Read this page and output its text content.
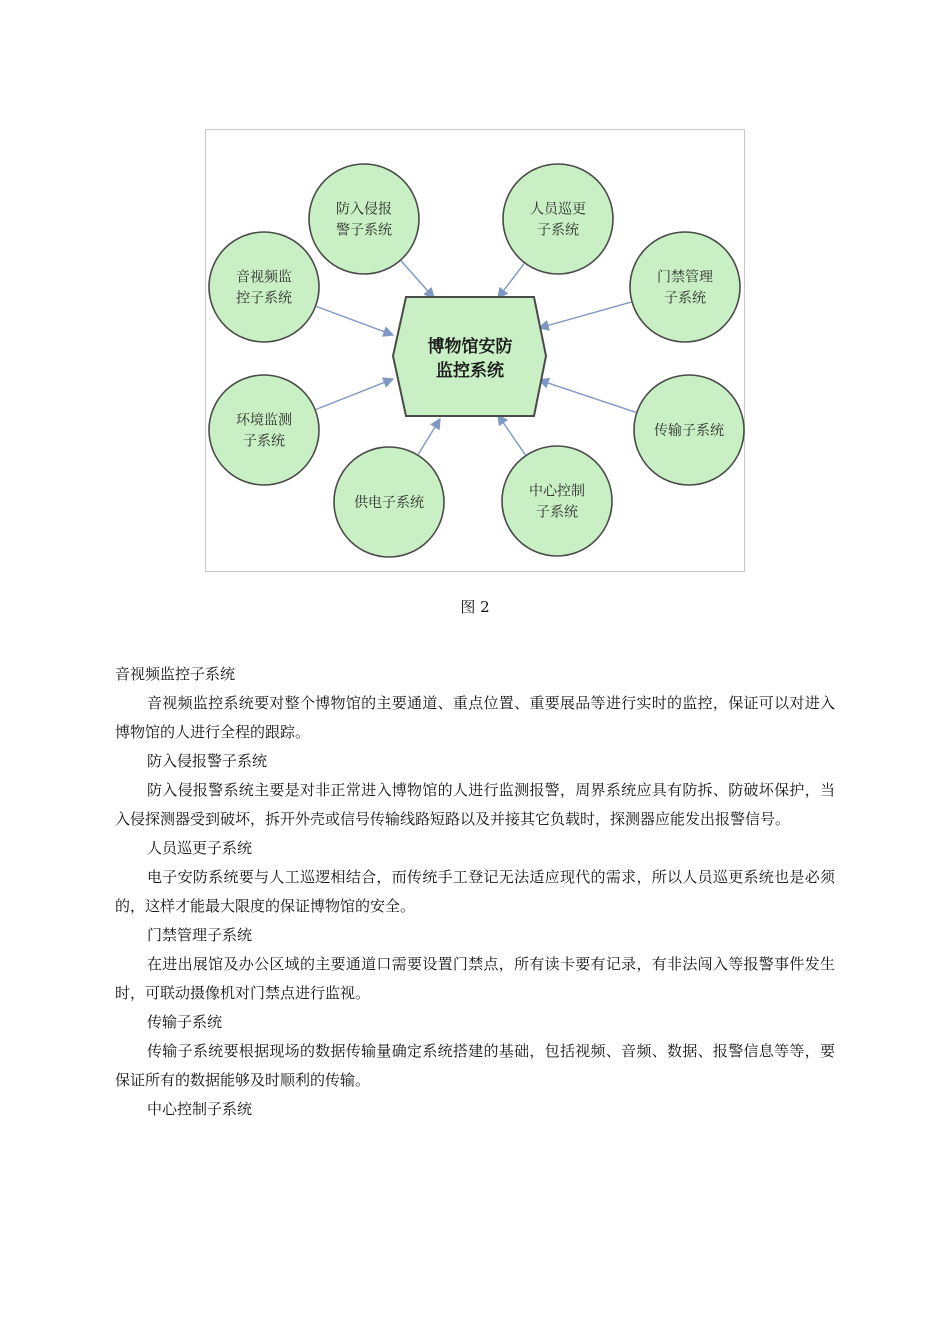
博物馆安防
监控系统
防入侵报
警子系统
人员巡更
子系统
门禁管理
子系统
传输子系统
中心控制
子系统
供电子系统
环境监测
子系统
音视频监
控子系统
图 2

音视频监控子系统

音视频监控系统要对整个博物馆的主要通道、重点位置、重要展品等进行实时的监控，保证可以对进入博物馆的人进行全程的跟踪。

防入侵报警子系统

防入侵报警系统主要是对非正常进入博物馆的人进行监测报警，周界系统应具有防拆、防破坏保护，当入侵探测器受到破坏，拆开外壳或信号传输线路短路以及并接其它负载时，探测器应能发出报警信号。

人员巡更子系统

电子安防系统要与人工巡逻相结合，而传统手工登记无法适应现代的需求，所以人员巡更系统也是必须的，这样才能最大限度的保证博物馆的安全。

门禁管理子系统

在进出展馆及办公区域的主要通道口需要设置门禁点，所有读卡要有记录，有非法闯入等报警事件发生时，可联动摄像机对门禁点进行监视。

传输子系统

传输子系统要根据现场的数据传输量确定系统搭建的基础，包括视频、音频、数据、报警信息等等，要保证所有的数据能够及时顺利的传输。

中心控制子系统
